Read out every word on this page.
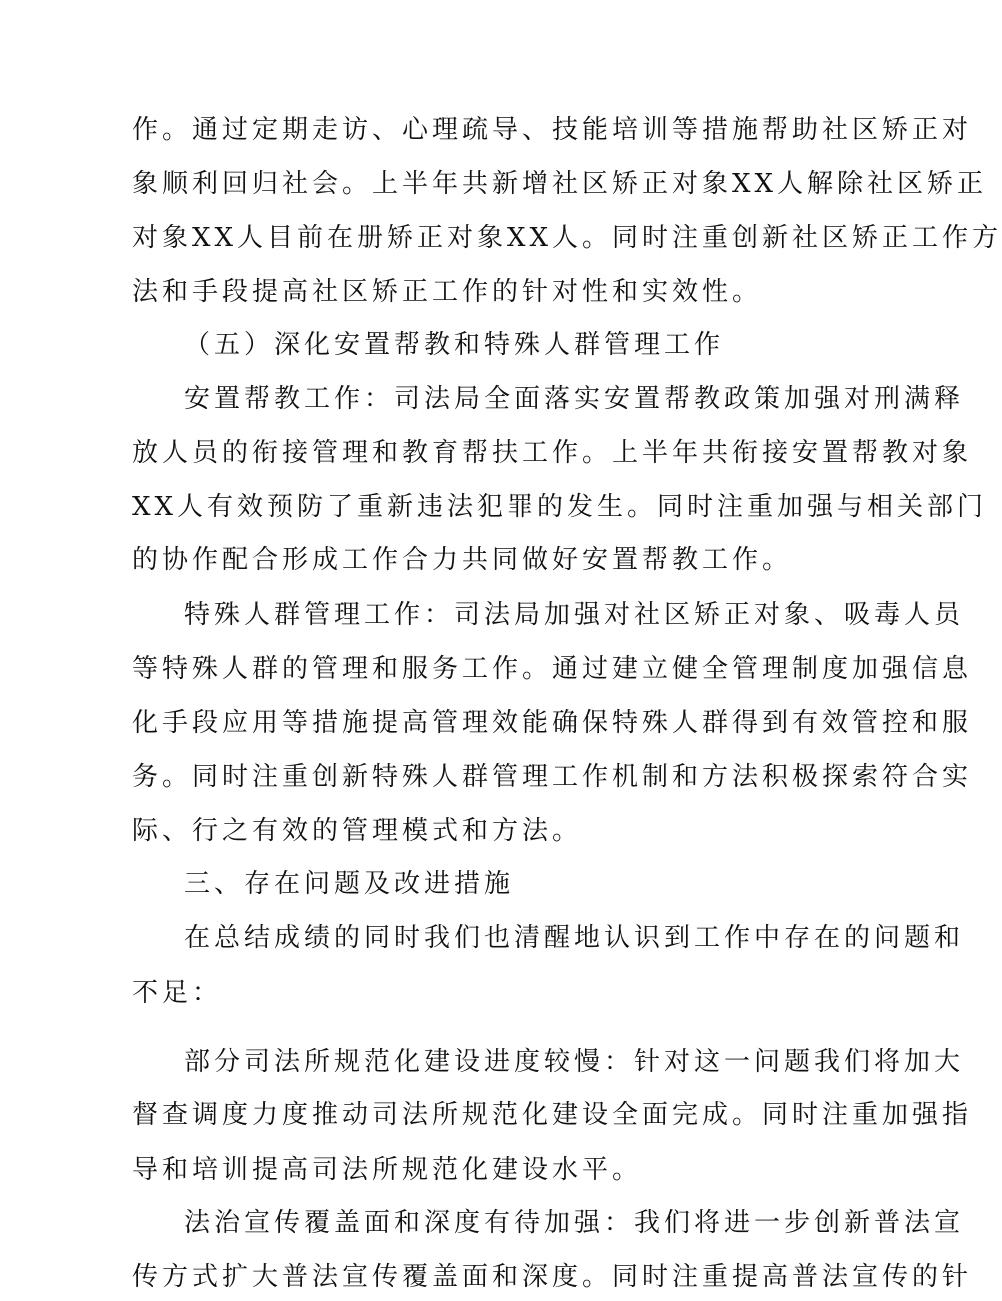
作。通过定期走访、心理疏导、技能培训等措施帮助社区矫正对
象顺利回归社会。上半年共新增社区矫正对象XX人解除社区矫正
对象XX人目前在册矫正对象XX人。同时注重创新社区矫正工作方
法和手段提高社区矫正工作的针对性和实效性。
（五）深化安置帮教和特殊人群管理工作
安置帮教工作：司法局全面落实安置帮教政策加强对刑满释
放人员的衔接管理和教育帮扶工作。上半年共衔接安置帮教对象
XX人有效预防了重新违法犯罪的发生。同时注重加强与相关部门
的协作配合形成工作合力共同做好安置帮教工作。
特殊人群管理工作：司法局加强对社区矫正对象、吸毒人员
等特殊人群的管理和服务工作。通过建立健全管理制度加强信息
化手段应用等措施提高管理效能确保特殊人群得到有效管控和服
务。同时注重创新特殊人群管理工作机制和方法积极探索符合实
际、行之有效的管理模式和方法。
三、存在问题及改进措施
在总结成绩的同时我们也清醒地认识到工作中存在的问题和
不足：
部分司法所规范化建设进度较慢：针对这一问题我们将加大
督查调度力度推动司法所规范化建设全面完成。同时注重加强指
导和培训提高司法所规范化建设水平。
法治宣传覆盖面和深度有待加强：我们将进一步创新普法宣
传方式扩大普法宣传覆盖面和深度。同时注重提高普法宣传的针
